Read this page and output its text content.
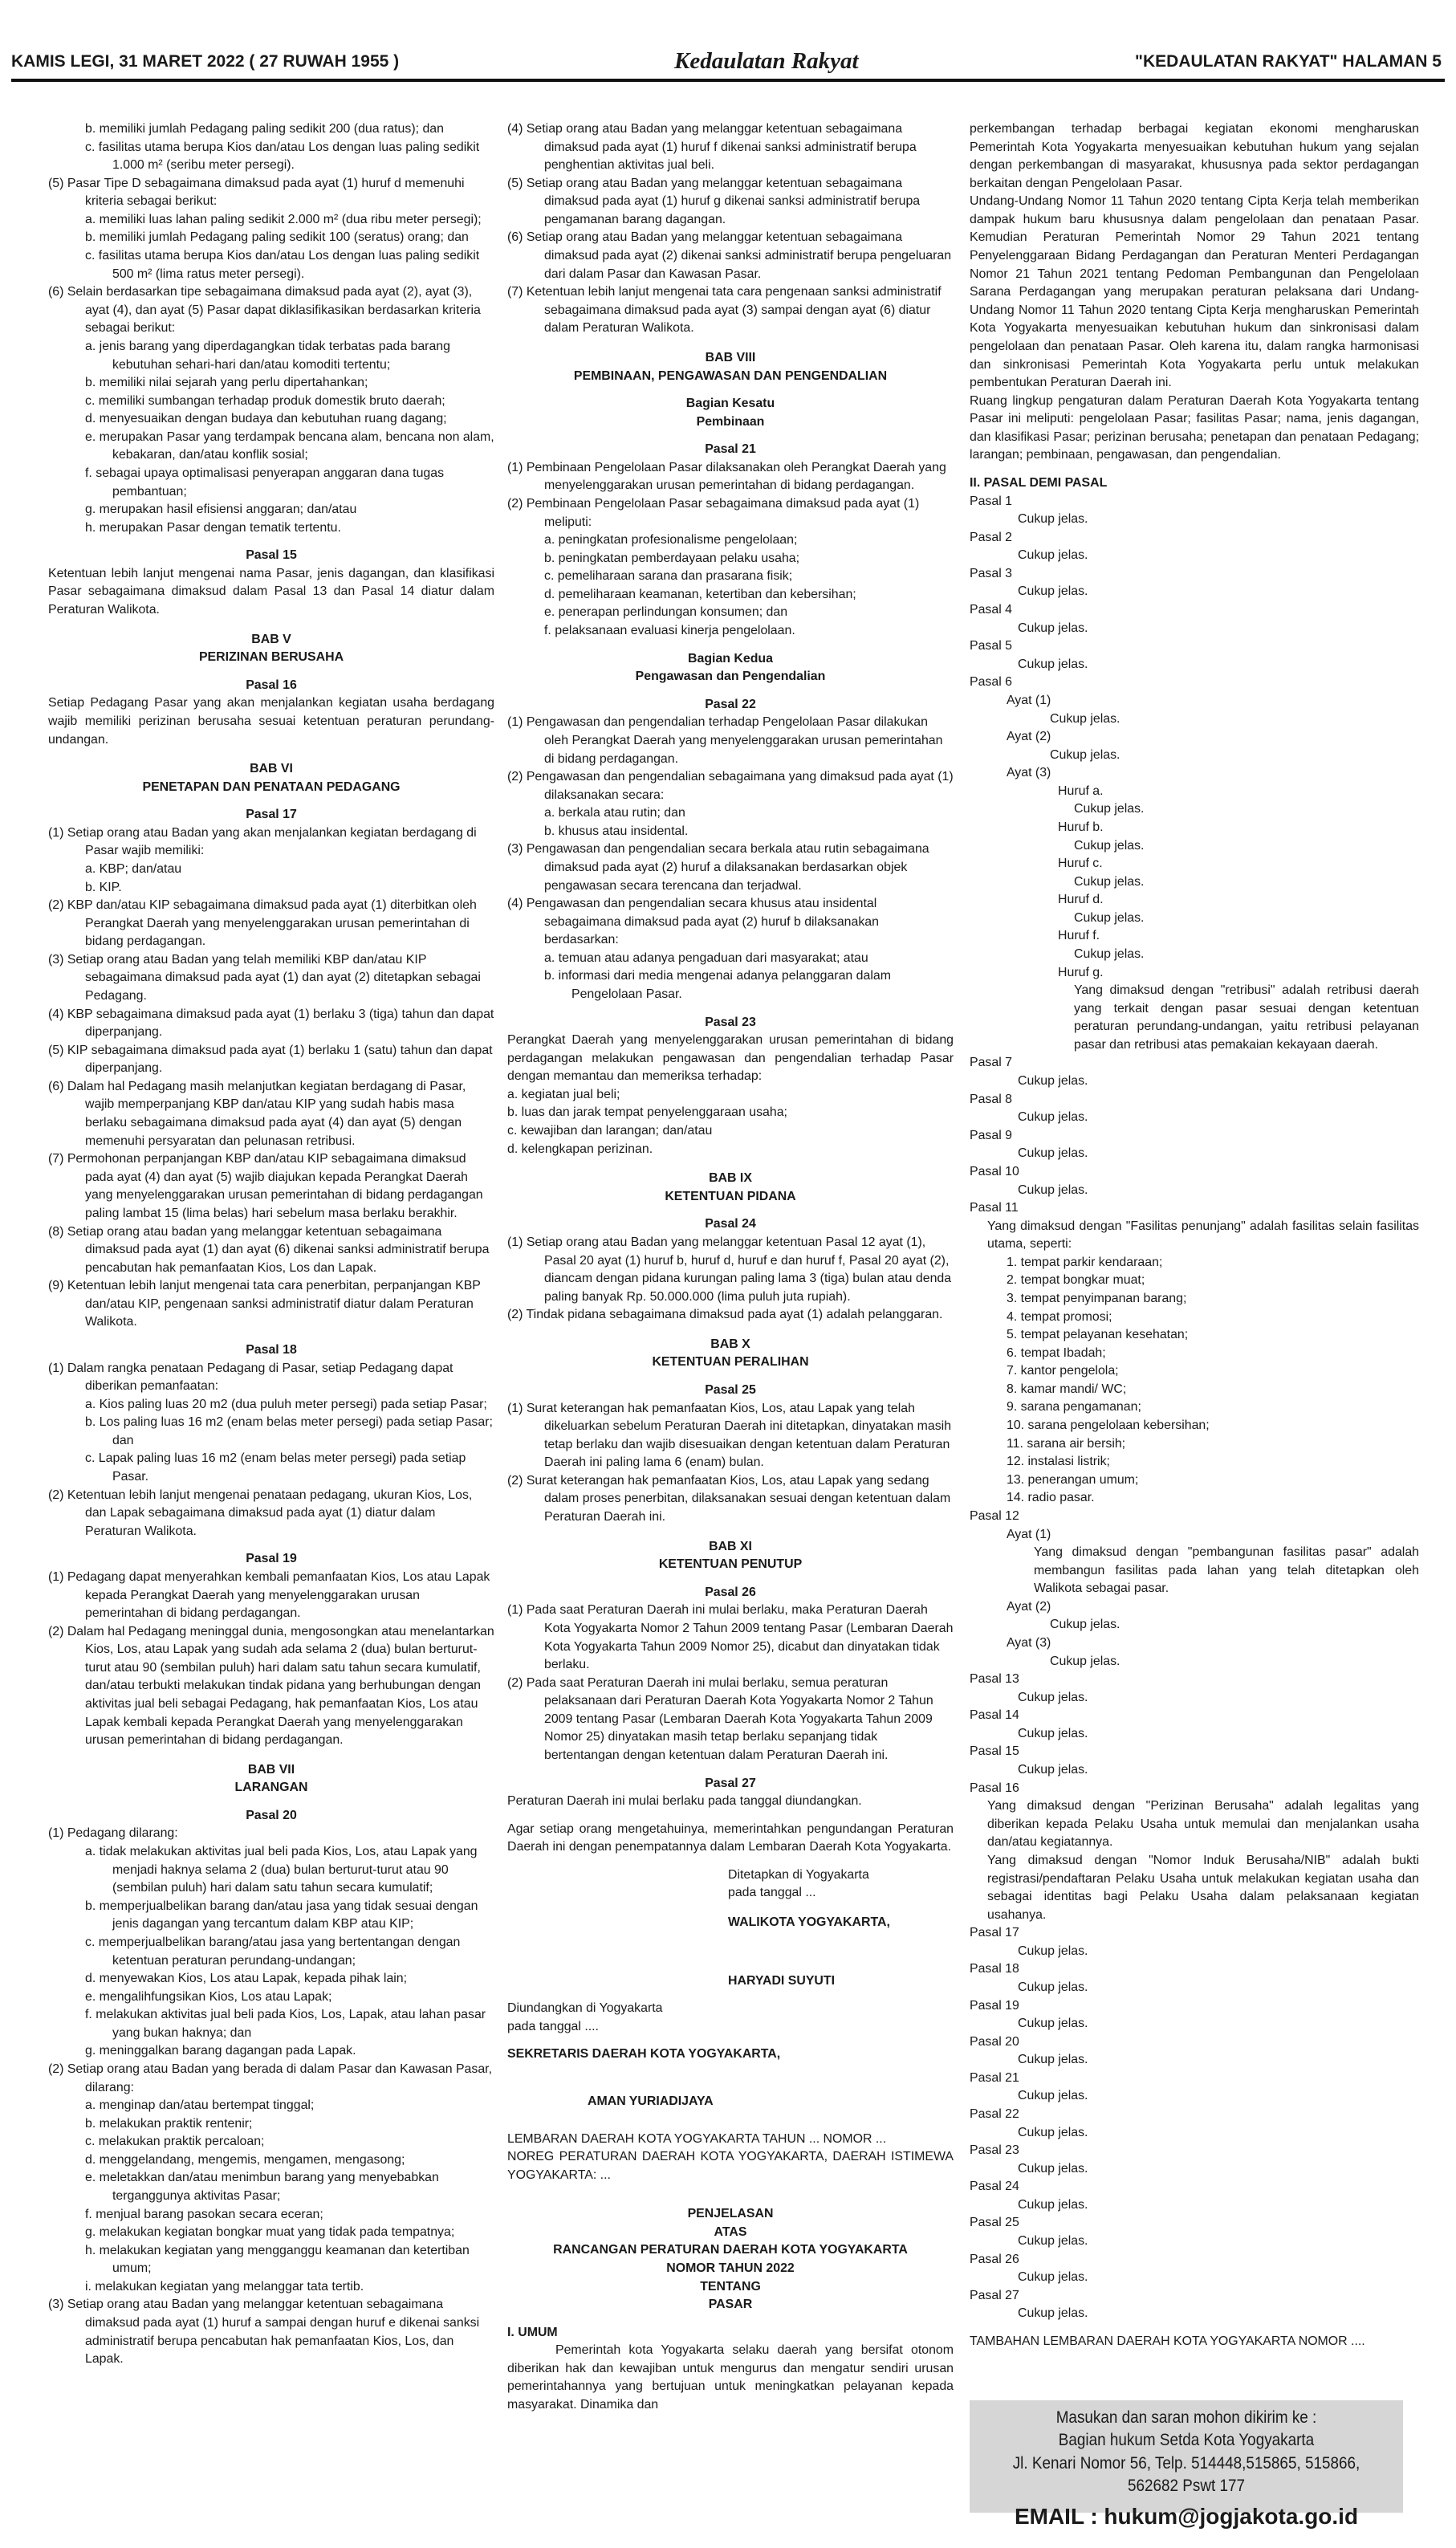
KAMIS LEGI, 31 MARET 2022 ( 27 RUWAH 1955 )	Kedaulatan Rakyat	"KEDAULATAN RAKYAT" HALAMAN 5
b. memiliki jumlah Pedagang paling sedikit 200 (dua ratus); dan
c. fasilitas utama berupa Kios dan/atau Los dengan luas paling sedikit 1.000 m² (seribu meter persegi).
(5) Pasar Tipe D sebagaimana dimaksud pada ayat (1) huruf d memenuhi kriteria sebagai berikut:
a. memiliki luas lahan paling sedikit 2.000 m² (dua ribu meter persegi);
b. memiliki jumlah Pedagang paling sedikit 100 (seratus) orang; dan
c. fasilitas utama berupa Kios dan/atau Los dengan luas paling sedikit 500 m² (lima ratus meter persegi).
(6) Selain berdasarkan tipe sebagaimana dimaksud pada ayat (2), ayat (3), ayat (4), dan ayat (5) Pasar dapat diklasifikasikan berdasarkan kriteria sebagai berikut:
a. jenis barang yang diperdagangkan tidak terbatas pada barang kebutuhan sehari-hari dan/atau komoditi tertentu;
b. memiliki nilai sejarah yang perlu dipertahankan;
c. memiliki sumbangan terhadap produk domestik bruto daerah;
d. menyesuaikan dengan budaya dan kebutuhan ruang dagang;
e. merupakan Pasar yang terdampak bencana alam, bencana non alam, kebakaran, dan/atau konflik sosial;
f. sebagai upaya optimalisasi penyerapan anggaran dana tugas pembantuan;
g. merupakan hasil efisiensi anggaran; dan/atau
h. merupakan Pasar dengan tematik tertentu.
Pasal 15
Ketentuan lebih lanjut mengenai nama Pasar, jenis dagangan, dan klasifikasi Pasar sebagaimana dimaksud dalam Pasal 13 dan Pasal 14 diatur dalam Peraturan Walikota.
BAB V
PERIZINAN BERUSAHA
Pasal 16
Setiap Pedagang Pasar yang akan menjalankan kegiatan usaha berdagang wajib memiliki perizinan berusaha sesuai ketentuan peraturan perundang-undangan.
BAB VI
PENETAPAN DAN PENATAAN PEDAGANG
Pasal 17
(1) Setiap orang atau Badan yang akan menjalankan kegiatan berdagang di Pasar wajib memiliki:
a. KBP; dan/atau
b. KIP.
(2) KBP dan/atau KIP sebagaimana dimaksud pada ayat (1) diterbitkan oleh Perangkat Daerah yang menyelenggarakan urusan pemerintahan di bidang perdagangan.
(3) Setiap orang atau Badan yang telah memiliki KBP dan/atau KIP sebagaimana dimaksud pada ayat (1) dan ayat (2) ditetapkan sebagai Pedagang.
(4) KBP sebagaimana dimaksud pada ayat (1) berlaku 3 (tiga) tahun dan dapat diperpanjang.
(5) KIP sebagaimana dimaksud pada ayat (1) berlaku 1 (satu) tahun dan dapat diperpanjang.
(6) Dalam hal Pedagang masih melanjutkan kegiatan berdagang di Pasar, wajib memperpanjang KBP dan/atau KIP yang sudah habis masa berlaku sebagaimana dimaksud pada ayat (4) dan ayat (5) dengan memenuhi persyaratan dan pelunasan retribusi.
(7) Permohonan perpanjangan KBP dan/atau KIP sebagaimana dimaksud pada ayat (4) dan ayat (5) wajib diajukan kepada Perangkat Daerah yang menyelenggarakan urusan pemerintahan di bidang perdagangan paling lambat 15 (lima belas) hari sebelum masa berlaku berakhir.
(8) Setiap orang atau badan yang melanggar ketentuan sebagaimana dimaksud pada ayat (1) dan ayat (6) dikenai sanksi administratif berupa pencabutan hak pemanfaatan Kios, Los dan Lapak.
(9) Ketentuan lebih lanjut mengenai tata cara penerbitan, perpanjangan KBP dan/atau KIP, pengenaan sanksi administratif diatur dalam Peraturan Walikota.
Pasal 18
(1) Dalam rangka penataan Pedagang di Pasar, setiap Pedagang dapat diberikan pemanfaatan:
a. Kios paling luas 20 m2 (dua puluh meter persegi) pada setiap Pasar;
b. Los paling luas 16 m2 (enam belas meter persegi) pada setiap Pasar; dan
c. Lapak paling luas 16 m2 (enam belas meter persegi) pada setiap Pasar.
(2) Ketentuan lebih lanjut mengenai penataan pedagang, ukuran Kios, Los, dan Lapak sebagaimana dimaksud pada ayat (1) diatur dalam Peraturan Walikota.
Pasal 19
(1) Pedagang dapat menyerahkan kembali pemanfaatan Kios, Los atau Lapak kepada Perangkat Daerah yang menyelenggarakan urusan pemerintahan di bidang perdagangan.
(2) Dalam hal Pedagang meninggal dunia, mengosongkan atau menelantarkan Kios, Los, atau Lapak yang sudah ada selama 2 (dua) bulan berturut-turut atau 90 (sembilan puluh) hari dalam satu tahun secara kumulatif, dan/atau terbukti melakukan tindak pidana yang berhubungan dengan aktivitas jual beli sebagai Pedagang, hak pemanfaatan Kios, Los atau Lapak kembali kepada Perangkat Daerah yang menyelenggarakan urusan pemerintahan di bidang perdagangan.
BAB VII
LARANGAN
Pasal 20
(1) Pedagang dilarang:
a. tidak melakukan aktivitas jual beli pada Kios, Los, atau Lapak yang menjadi haknya selama 2 (dua) bulan berturut-turut atau 90 (sembilan puluh) hari dalam satu tahun secara kumulatif;
b. memperjualbelikan barang dan/atau jasa yang tidak sesuai dengan jenis dagangan yang tercantum dalam KBP atau KIP;
c. memperjualbelikan barang/atau jasa yang bertentangan dengan ketentuan peraturan perundang-undangan;
d. menyewakan Kios, Los atau Lapak, kepada pihak lain;
e. mengalihfungsikan Kios, Los atau Lapak;
f. melakukan aktivitas jual beli pada Kios, Los, Lapak, atau lahan pasar yang bukan haknya; dan
g. meninggalkan barang dagangan pada Lapak.
(2) Setiap orang atau Badan yang berada di dalam Pasar dan Kawasan Pasar, dilarang:
a. menginap dan/atau bertempat tinggal;
b. melakukan praktik rentenir;
c. melakukan praktik percaloan;
d. menggelandang, mengemis, mengamen, mengasong;
e. meletakkan dan/atau menimbun barang yang menyebabkan terganggunya aktivitas Pasar;
f. menjual barang pasokan secara eceran;
g. melakukan kegiatan bongkar muat yang tidak pada tempatnya;
h. melakukan kegiatan yang mengganggu keamanan dan ketertiban umum;
i. melakukan kegiatan yang melanggar tata tertib.
(3) Setiap orang atau Badan yang melanggar ketentuan sebagaimana dimaksud pada ayat (1) huruf a sampai dengan huruf e dikenai sanksi administratif berupa pencabutan hak pemanfaatan Kios, Los, dan Lapak.
(4) Setiap orang atau Badan yang melanggar ketentuan sebagaimana dimaksud pada ayat (1) huruf f dikenai sanksi administratif berupa penghentian aktivitas jual beli.
(5) Setiap orang atau Badan yang melanggar ketentuan sebagaimana dimaksud pada ayat (1) huruf g dikenai sanksi administratif berupa pengamanan barang dagangan.
(6) Setiap orang atau Badan yang melanggar ketentuan sebagaimana dimaksud pada ayat (2) dikenai sanksi administratif berupa pengeluaran dari dalam Pasar dan Kawasan Pasar.
(7) Ketentuan lebih lanjut mengenai tata cara pengenaan sanksi administratif sebagaimana dimaksud pada ayat (3) sampai dengan ayat (6) diatur dalam Peraturan Walikota.
BAB VIII
PEMBINAAN, PENGAWASAN DAN PENGENDALIAN
Bagian Kesatu
Pembinaan
Pasal 21
(1) Pembinaan Pengelolaan Pasar dilaksanakan oleh Perangkat Daerah yang menyelenggarakan urusan pemerintahan di bidang perdagangan.
(2) Pembinaan Pengelolaan Pasar sebagaimana dimaksud pada ayat (1) meliputi:
a. peningkatan profesionalisme pengelolaan;
b. peningkatan pemberdayaan pelaku usaha;
c. pemeliharaan sarana dan prasarana fisik;
d. pemeliharaan keamanan, ketertiban dan kebersihan;
e. penerapan perlindungan konsumen; dan
f. pelaksanaan evaluasi kinerja pengelolaan.
Bagian Kedua
Pengawasan dan Pengendalian
Pasal 22
(1) Pengawasan dan pengendalian terhadap Pengelolaan Pasar dilakukan oleh Perangkat Daerah yang menyelenggarakan urusan pemerintahan di bidang perdagangan.
(2) Pengawasan dan pengendalian sebagaimana yang dimaksud pada ayat (1) dilaksanakan secara:
a. berkala atau rutin; dan
b. khusus atau insidental.
(3) Pengawasan dan pengendalian secara berkala atau rutin sebagaimana dimaksud pada ayat (2) huruf a dilaksanakan berdasarkan objek pengawasan secara terencana dan terjadwal.
(4) Pengawasan dan pengendalian secara khusus atau insidental sebagaimana dimaksud pada ayat (2) huruf b dilaksanakan berdasarkan:
a. temuan atau adanya pengaduan dari masyarakat; atau
b. informasi dari media mengenai adanya pelanggaran dalam Pengelolaan Pasar.
Pasal 23
Perangkat Daerah yang menyelenggarakan urusan pemerintahan di bidang perdagangan melakukan pengawasan dan pengendalian terhadap Pasar dengan memantau dan memeriksa terhadap:
a. kegiatan jual beli;
b. luas dan jarak tempat penyelenggaraan usaha;
c. kewajiban dan larangan; dan/atau
d. kelengkapan perizinan.
BAB IX
KETENTUAN PIDANA
Pasal 24
(1) Setiap orang atau Badan yang melanggar ketentuan Pasal 12 ayat (1), Pasal 20 ayat (1) huruf b, huruf d, huruf e dan huruf f, Pasal 20 ayat (2), diancam dengan pidana kurungan paling lama 3 (tiga) bulan atau denda paling banyak Rp. 50.000.000 (lima puluh juta rupiah).
(2) Tindak pidana sebagaimana dimaksud pada ayat (1) adalah pelanggaran.
BAB X
KETENTUAN PERALIHAN
Pasal 25
(1) Surat keterangan hak pemanfaatan Kios, Los, atau Lapak yang telah dikeluarkan sebelum Peraturan Daerah ini ditetapkan, dinyatakan masih tetap berlaku dan wajib disesuaikan dengan ketentuan dalam Peraturan Daerah ini paling lama 6 (enam) bulan.
(2) Surat keterangan hak pemanfaatan Kios, Los, atau Lapak yang sedang dalam proses penerbitan, dilaksanakan sesuai dengan ketentuan dalam Peraturan Daerah ini.
BAB XI
KETENTUAN PENUTUP
Pasal 26
(1) Pada saat Peraturan Daerah ini mulai berlaku, maka Peraturan Daerah Kota Yogyakarta Nomor 2 Tahun 2009 tentang Pasar (Lembaran Daerah Kota Yogyakarta Tahun 2009 Nomor 25), dicabut dan dinyatakan tidak berlaku.
(2) Pada saat Peraturan Daerah ini mulai berlaku, semua peraturan pelaksanaan dari Peraturan Daerah Kota Yogyakarta Nomor 2 Tahun 2009 tentang Pasar (Lembaran Daerah Kota Yogyakarta Tahun 2009 Nomor 25) dinyatakan masih tetap berlaku sepanjang tidak bertentangan dengan ketentuan dalam Peraturan Daerah ini.
Pasal 27
Peraturan Daerah ini mulai berlaku pada tanggal diundangkan.
Agar setiap orang mengetahuinya, memerintahkan pengundangan Peraturan Daerah ini dengan penempatannya dalam Lembaran Daerah Kota Yogyakarta.
Ditetapkan di Yogyakarta
pada tanggal ...
WALIKOTA YOGYAKARTA,
HARYADI SUYUTI
Diundangkan di Yogyakarta
pada tanggal ....
SEKRETARIS DAERAH KOTA YOGYAKARTA,
AMAN YURIADIJAYA
LEMBARAN DAERAH KOTA YOGYAKARTA TAHUN ... NOMOR ...
NOREG PERATURAN DAERAH KOTA YOGYAKARTA, DAERAH ISTIMEWA YOGYAKARTA: ...
PENJELASAN
ATAS
RANCANGAN PERATURAN DAERAH KOTA YOGYAKARTA
NOMOR TAHUN 2022
TENTANG
PASAR
I. UMUM
Pemerintah kota Yogyakarta selaku daerah yang bersifat otonom diberikan hak dan kewajiban untuk mengurus dan mengatur sendiri urusan pemerintahannya yang bertujuan untuk meningkatkan pelayanan kepada masyarakat. Dinamika dan
perkembangan terhadap berbagai kegiatan ekonomi mengharuskan Pemerintah Kota Yogyakarta menyesuaikan kebutuhan hukum yang sejalan dengan perkembangan di masyarakat, khususnya pada sektor perdagangan berkaitan dengan Pengelolaan Pasar.
Undang-Undang Nomor 11 Tahun 2020 tentang Cipta Kerja telah memberikan dampak hukum baru khususnya dalam pengelolaan dan penataan Pasar. Kemudian Peraturan Pemerintah Nomor 29 Tahun 2021 tentang Penyelenggaraan Bidang Perdagangan dan Peraturan Menteri Perdagangan Nomor 21 Tahun 2021 tentang Pedoman Pembangunan dan Pengelolaan Sarana Perdagangan yang merupakan peraturan pelaksana dari Undang-Undang Nomor 11 Tahun 2020 tentang Cipta Kerja mengharuskan Pemerintah Kota Yogyakarta menyesuaikan kebutuhan hukum dan sinkronisasi dalam pengelolaan dan penataan Pasar. Oleh karena itu, dalam rangka harmonisasi dan sinkronisasi Pemerintah Kota Yogyakarta perlu untuk melakukan pembentukan Peraturan Daerah ini.
Ruang lingkup pengaturan dalam Peraturan Daerah Kota Yogyakarta tentang Pasar ini meliputi: pengelolaan Pasar; fasilitas Pasar; nama, jenis dagangan, dan klasifikasi Pasar; perizinan berusaha; penetapan dan penataan Pedagang; larangan; pembinaan, pengawasan, dan pengendalian.
II. PASAL DEMI PASAL
Pasal 1
Cukup jelas.
Pasal 2
Cukup jelas.
Pasal 3
Cukup jelas.
Pasal 4
Cukup jelas.
Pasal 5
Cukup jelas.
Pasal 6
Ayat (1)
Cukup jelas.
Ayat (2)
Cukup jelas.
Ayat (3)
Huruf a.
Cukup jelas.
Huruf b.
Cukup jelas.
Huruf c.
Cukup jelas.
Huruf d.
Cukup jelas.
Huruf f.
Cukup jelas.
Huruf g.
Yang dimaksud dengan "retribusi" adalah retribusi daerah yang terkait dengan pasar sesuai dengan ketentuan peraturan perundang-undangan, yaitu retribusi pelayanan pasar dan retribusi atas pemakaian kekayaan daerah.
Pasal 7
Cukup jelas.
Pasal 8
Cukup jelas.
Pasal 9
Cukup jelas.
Pasal 10
Cukup jelas.
Pasal 11
Yang dimaksud dengan "Fasilitas penunjang" adalah fasilitas selain fasilitas utama, seperti:
1. tempat parkir kendaraan;
2. tempat bongkar muat;
3. tempat penyimpanan barang;
4. tempat promosi;
5. tempat pelayanan kesehatan;
6. tempat Ibadah;
7. kantor pengelola;
8. kamar mandi/ WC;
9. sarana pengamanan;
10. sarana pengelolaan kebersihan;
11. sarana air bersih;
12. instalasi listrik;
13. penerangan umum;
14. radio pasar.
Pasal 12
Ayat (1)
Yang dimaksud dengan "pembangunan fasilitas pasar" adalah membangun fasilitas pada lahan yang telah ditetapkan oleh Walikota sebagai pasar.
Ayat (2)
Cukup jelas.
Ayat (3)
Cukup jelas.
Pasal 13
Cukup jelas.
Pasal 14
Cukup jelas.
Pasal 15
Cukup jelas.
Pasal 16
Yang dimaksud dengan "Perizinan Berusaha" adalah legalitas yang diberikan kepada Pelaku Usaha untuk memulai dan menjalankan usaha dan/atau kegiatannya.
Yang dimaksud dengan "Nomor Induk Berusaha/NIB" adalah bukti registrasi/pendaftaran Pelaku Usaha untuk melakukan kegiatan usaha dan sebagai identitas bagi Pelaku Usaha dalam pelaksanaan kegiatan usahanya.
Pasal 17
Cukup jelas.
Pasal 18
Cukup jelas.
Pasal 19
Cukup jelas.
Pasal 20
Cukup jelas.
Pasal 21
Cukup jelas.
Pasal 22
Cukup jelas.
Pasal 23
Cukup jelas.
Pasal 24
Cukup jelas.
Pasal 25
Cukup jelas.
Pasal 26
Cukup jelas.
Pasal 27
Cukup jelas.
TAMBAHAN LEMBARAN DAERAH KOTA YOGYAKARTA NOMOR ....
Masukan dan saran mohon dikirim ke :
Bagian hukum Setda Kota Yogyakarta
Jl. Kenari Nomor 56, Telp. 514448,515865, 515866,
562682 Pswt 177
EMAIL : hukum@jogjakota.go.id
